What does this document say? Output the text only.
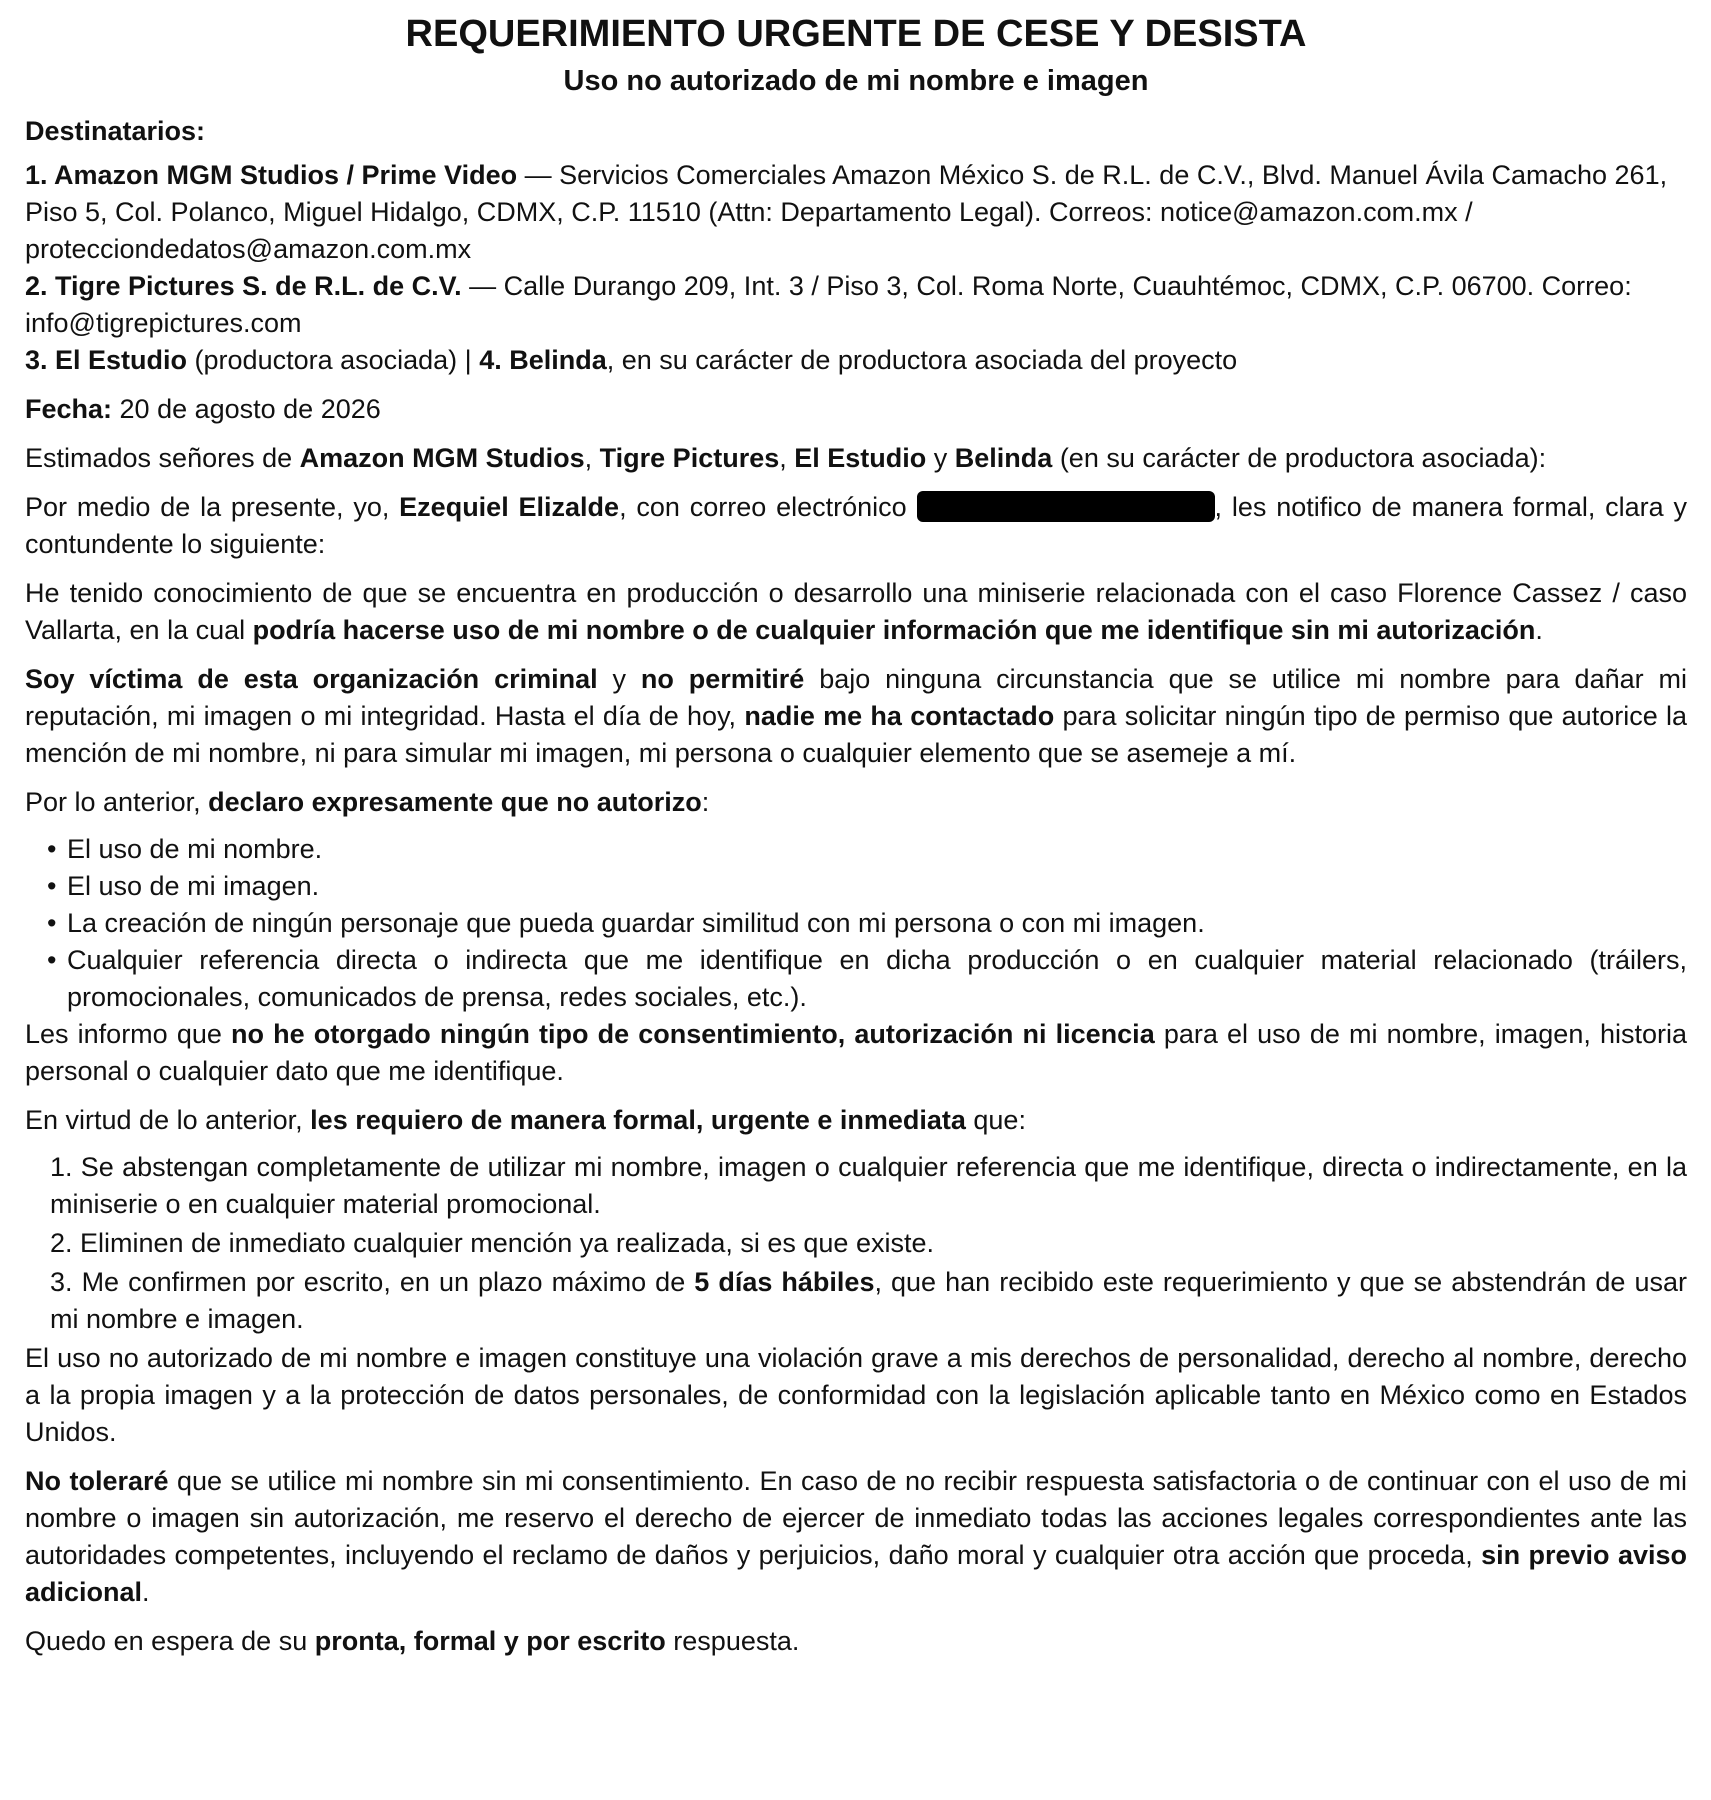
REQUERIMIENTO URGENTE DE CESE Y DESISTA
Uso no autorizado de mi nombre e imagen

Destinatarios:

1. Amazon MGM Studios / Prime Video — Servicios Comerciales Amazon México S. de R.L. de C.V., Blvd. Manuel Ávila Camacho 261, Piso 5, Col. Polanco, Miguel Hidalgo, CDMX, C.P. 11510 (Attn: Departamento Legal). Correos: notice@amazon.com.mx / protecciondedatos@amazon.com.mx

2. Tigre Pictures S. de R.L. de C.V. — Calle Durango 209, Int. 3 / Piso 3, Col. Roma Norte, Cuauhtémoc, CDMX, C.P. 06700. Correo: info@tigrepictures.com

3. El Estudio (productora asociada) | 4. Belinda, en su carácter de productora asociada del proyecto

Fecha: 20 de agosto de 2026

Estimados señores de Amazon MGM Studios, Tigre Pictures, El Estudio y Belinda (en su carácter de productora asociada):

Por medio de la presente, yo, Ezequiel Elizalde, con correo electrónico	, les notifico de manera formal, clara y contundente lo siguiente:

He tenido conocimiento de que se encuentra en producción o desarrollo una miniserie relacionada con el caso Florence Cassez / caso Vallarta, en la cual podría hacerse uso de mi nombre o de cualquier información que me identifique sin mi autorización.

Soy víctima de esta organización criminal y no permitiré bajo ninguna circunstancia que se utilice mi nombre para dañar mi reputación, mi imagen o mi integridad. Hasta el día de hoy, nadie me ha contactado para solicitar ningún tipo de permiso que autorice la mención de mi nombre, ni para simular mi imagen, mi persona o cualquier elemento que se asemeje a mí.

Por lo anterior, declaro expresamente que no autorizo:

• El uso de mi nombre.
• El uso de mi imagen.
• La creación de ningún personaje que pueda guardar similitud con mi persona o con mi imagen.
• Cualquier referencia directa o indirecta que me identifique en dicha producción o en cualquier material relacionado (tráilers, promocionales, comunicados de prensa, redes sociales, etc.).

Les informo que no he otorgado ningún tipo de consentimiento, autorización ni licencia para el uso de mi nombre, imagen, historia personal o cualquier dato que me identifique.

En virtud de lo anterior, les requiero de manera formal, urgente e inmediata que:

1. Se abstengan completamente de utilizar mi nombre, imagen o cualquier referencia que me identifique, directa o indirectamente, en la miniserie o en cualquier material promocional.
2. Eliminen de inmediato cualquier mención ya realizada, si es que existe.
3. Me confirmen por escrito, en un plazo máximo de 5 días hábiles, que han recibido este requerimiento y que se abstendrán de usar mi nombre e imagen.

El uso no autorizado de mi nombre e imagen constituye una violación grave a mis derechos de personalidad, derecho al nombre, derecho a la propia imagen y a la protección de datos personales, de conformidad con la legislación aplicable tanto en México como en Estados Unidos.

No toleraré que se utilice mi nombre sin mi consentimiento. En caso de no recibir respuesta satisfactoria o de continuar con el uso de mi nombre o imagen sin autorización, me reservo el derecho de ejercer de inmediato todas las acciones legales correspondientes ante las autoridades competentes, incluyendo el reclamo de daños y perjuicios, daño moral y cualquier otra acción que proceda, sin previo aviso adicional.

Quedo en espera de su pronta, formal y por escrito respuesta.
